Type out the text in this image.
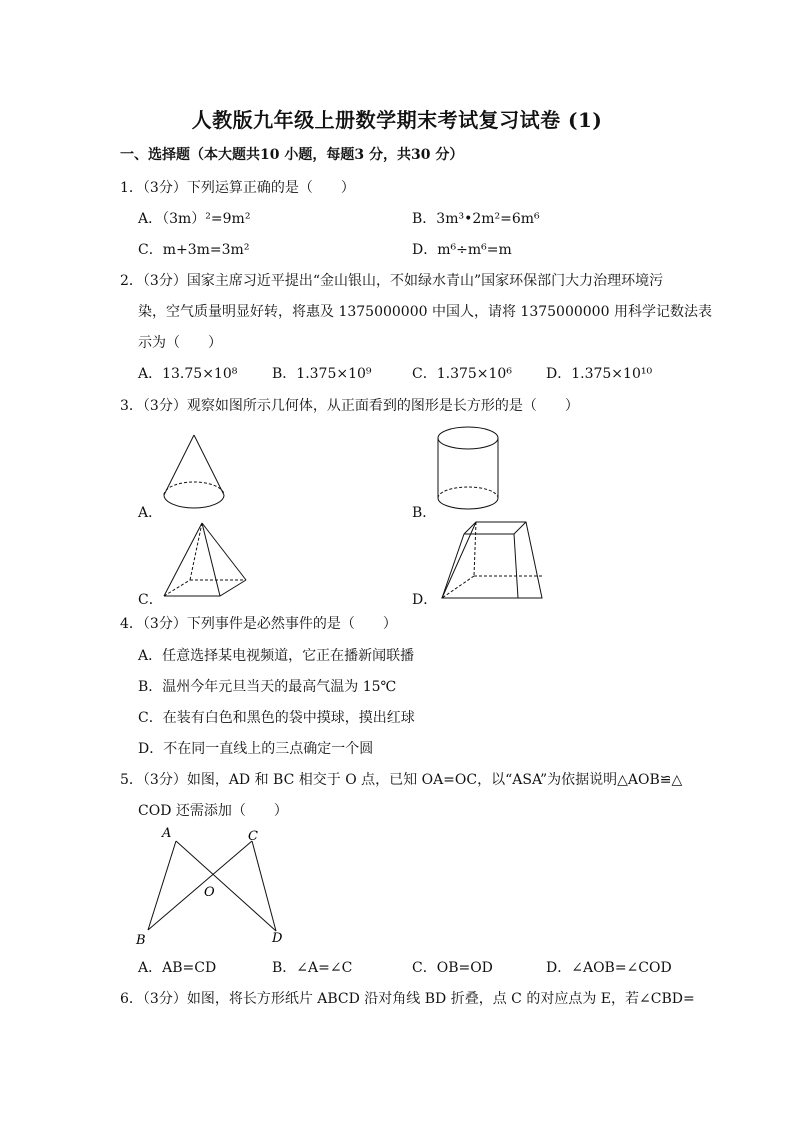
人教版九年级上册数学期末考试复习试卷 (1)
一、选择题（本大题共10 小题，每题3 分，共30 分）
1．（3分）下列运算正确的是（　　）
A．（3m）²=9m²	B．3m³•2m²=6m⁶
C．m+3m=3m²	D．m⁶÷m⁶=m
2．（3分）国家主席习近平提出“金山银山，不如绿水青山”国家环保部门大力治理环境污
染，空气质量明显好转，将惠及 1375000000 中国人，请将 1375000000 用科学记数法表
示为（　　）
A．13.75×10⁸ B．1.375×10⁹	C．1.375×10⁶ D．1.375×10¹⁰
3．（3分）观察如图所示几何体，从正面看到的图形是长方形的是（　　）
A．	B．
C．	D．
4．（3分）下列事件是必然事件的是（　　）
A．任意选择某电视频道，它正在播新闻联播
B．温州今年元旦当天的最高气温为 15℃
C．在装有白色和黑色的袋中摸球，摸出红球
D．不在同一直线上的三点确定一个圆
5．（3分）如图，AD 和 BC 相交于 O 点，已知 OA=OC，以“ASA”为依据说明△AOB≌△
COD 还需添加（　　）
A	C
O
B	D
A．AB=CD	B．∠A=∠C	C．OB=OD	D．∠AOB=∠COD
6．（3分）如图，将长方形纸片 ABCD 沿对角线 BD 折叠，点 C 的对应点为 E，若∠CBD=
